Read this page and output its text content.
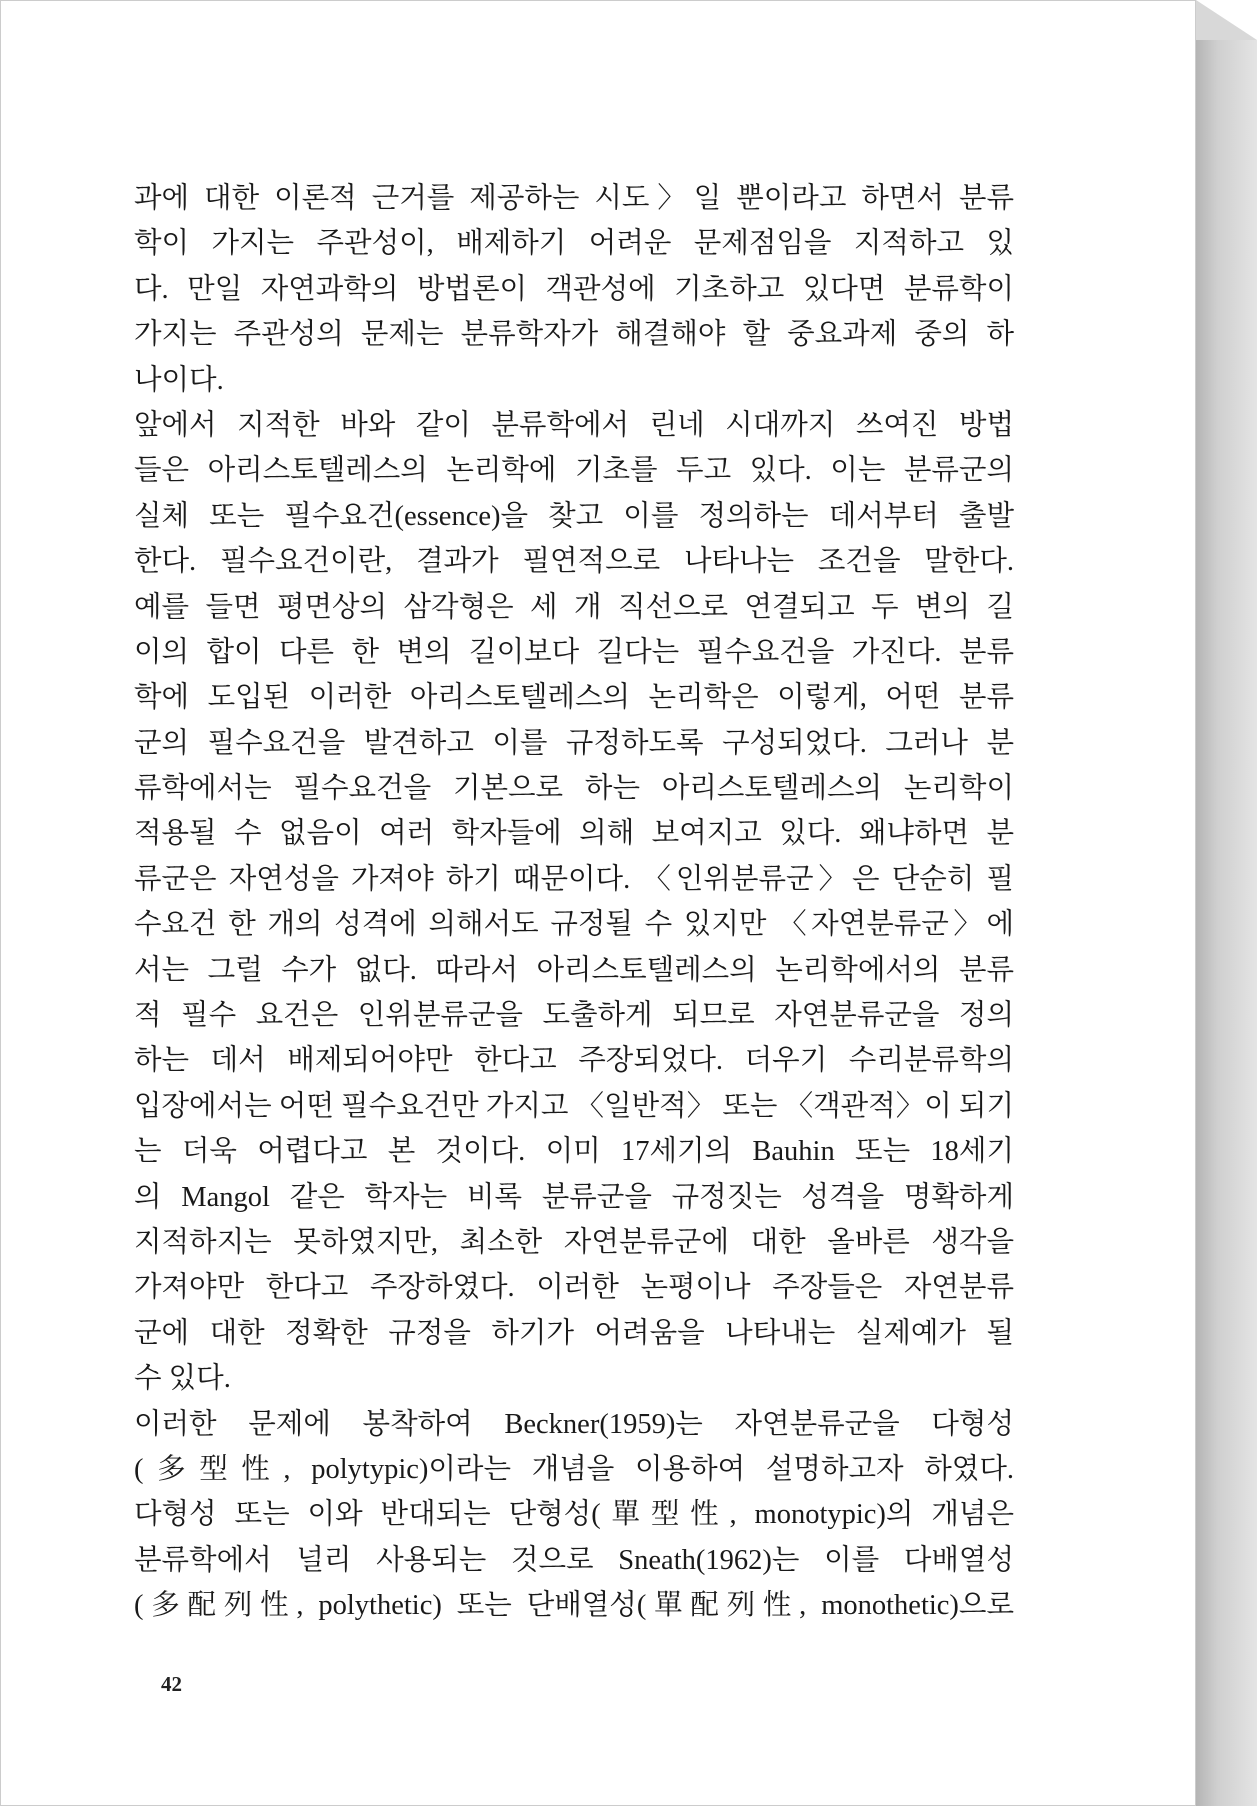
과에 대한 이론적 근거를 제공하는 시도〉일 뿐이라고 하면서 분류
학이 가지는 주관성이, 배제하기 어려운 문제점임을 지적하고 있
다. 만일 자연과학의 방법론이 객관성에 기초하고 있다면 분류학이
가지는 주관성의 문제는 분류학자가 해결해야 할 중요과제 중의 하
나이다.
앞에서 지적한 바와 같이 분류학에서 린네 시대까지 쓰여진 방법
들은 아리스토텔레스의 논리학에 기초를 두고 있다. 이는 분류군의
실체 또는 필수요건(essence)을 찾고 이를 정의하는 데서부터 출발
한다. 필수요건이란, 결과가 필연적으로 나타나는 조건을 말한다.
예를 들면 평면상의 삼각형은 세 개 직선으로 연결되고 두 변의 길
이의 합이 다른 한 변의 길이보다 길다는 필수요건을 가진다. 분류
학에 도입된 이러한 아리스토텔레스의 논리학은 이렇게, 어떤 분류
군의 필수요건을 발견하고 이를 규정하도록 구성되었다. 그러나 분
류학에서는 필수요건을 기본으로 하는 아리스토텔레스의 논리학이
적용될 수 없음이 여러 학자들에 의해 보여지고 있다. 왜냐하면 분
류군은 자연성을 가져야 하기 때문이다. 〈인위분류군〉은 단순히 필
수요건 한 개의 성격에 의해서도 규정될 수 있지만 〈자연분류군〉에
서는 그럴 수가 없다. 따라서 아리스토텔레스의 논리학에서의 분류
적 필수 요건은 인위분류군을 도출하게 되므로 자연분류군을 정의
하는 데서 배제되어야만 한다고 주장되었다. 더우기 수리분류학의
입장에서는 어떤 필수요건만 가지고 〈일반적〉 또는 〈객관적〉이 되기
는 더욱 어렵다고 본 것이다. 이미 17세기의 Bauhin 또는 18세기
의 Mangol 같은 학자는 비록 분류군을 규정짓는 성격을 명확하게
지적하지는 못하였지만, 최소한 자연분류군에 대한 올바른 생각을
가져야만 한다고 주장하였다. 이러한 논평이나 주장들은 자연분류
군에 대한 정확한 규정을 하기가 어려움을 나타내는 실제예가 될
수 있다.
이러한 문제에 봉착하여 Beckner(1959)는 자연분류군을 다형성
(多型性, polytypic)이라는 개념을 이용하여 설명하고자 하였다.
다형성 또는 이와 반대되는 단형성(單型性, monotypic)의 개념은
분류학에서 널리 사용되는 것으로 Sneath(1962)는 이를 다배열성
(多配列性, polythetic) 또는 단배열성(單配列性, monothetic)으로
42
